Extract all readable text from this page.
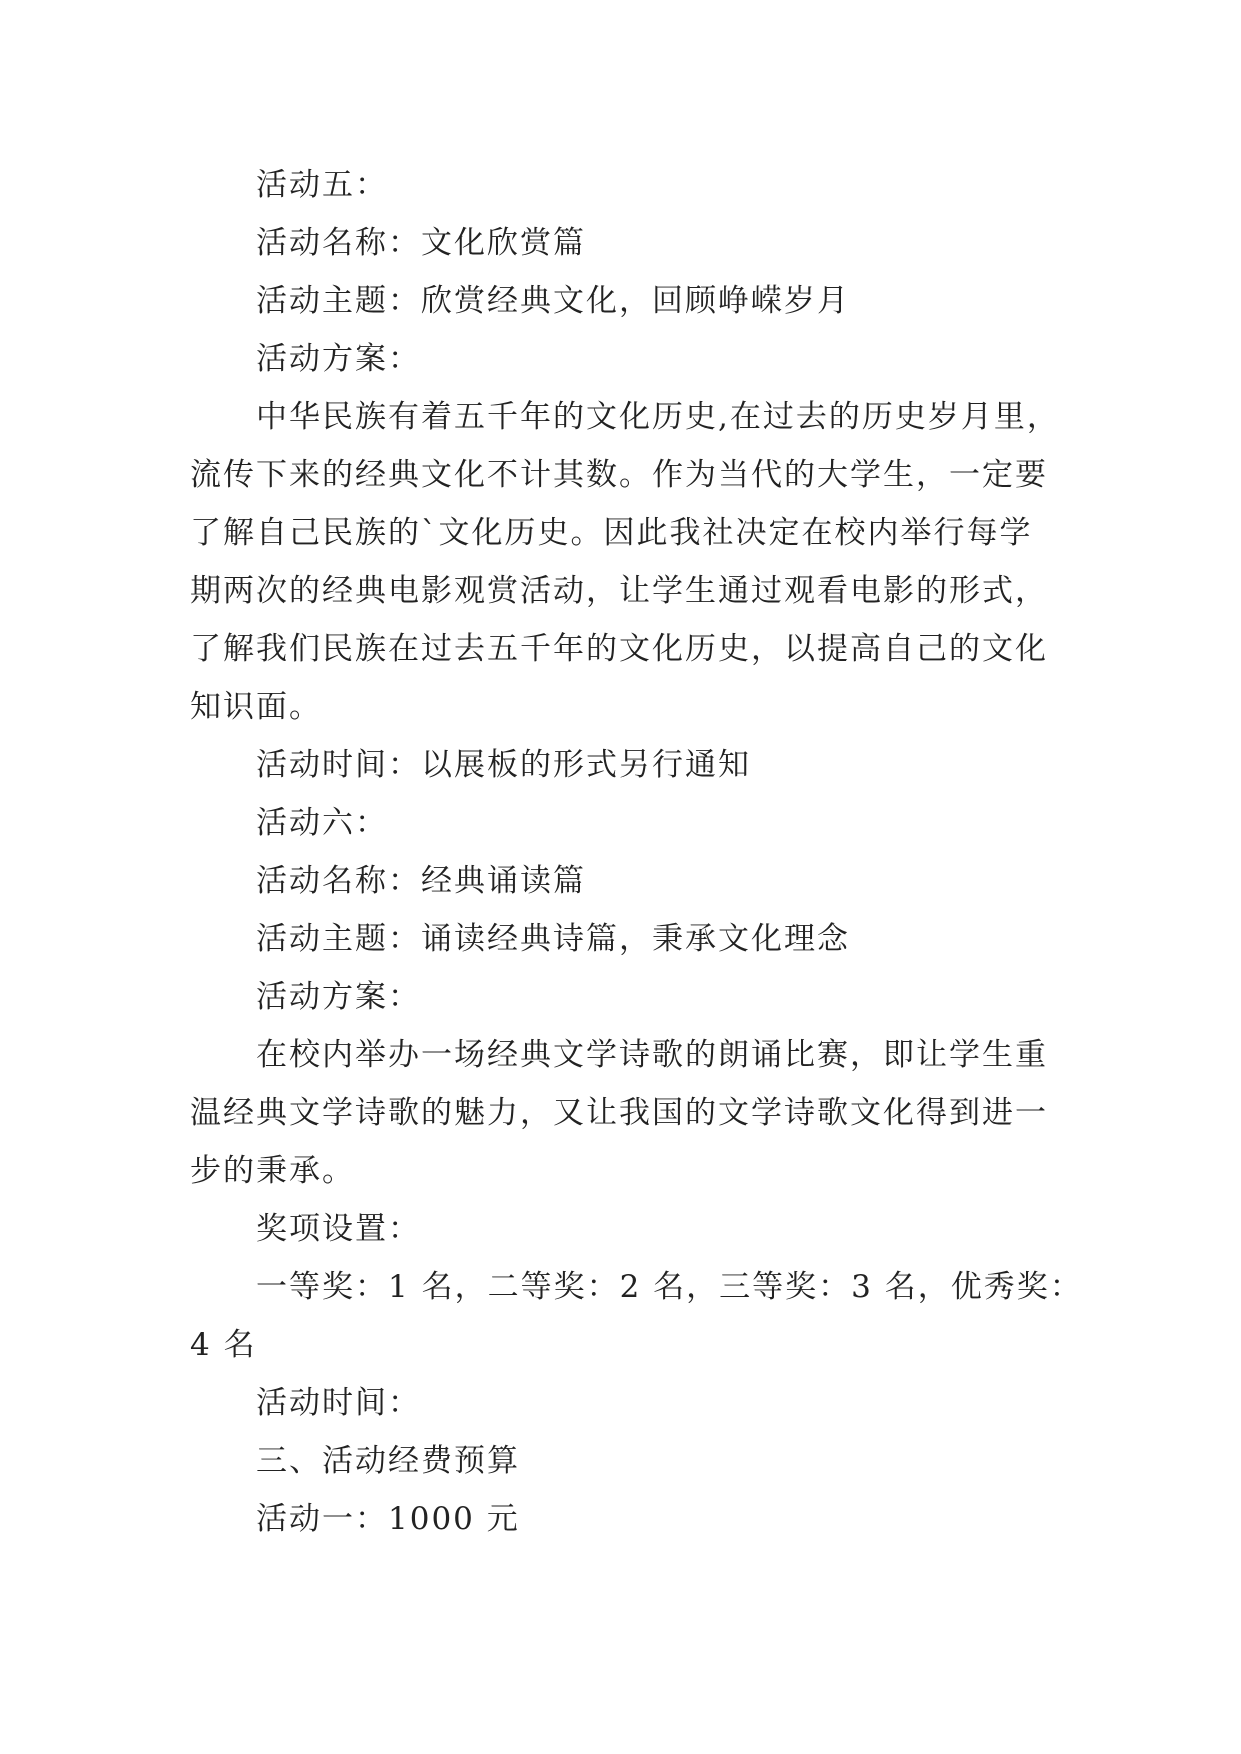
活动五：
活动名称：文化欣赏篇
活动主题：欣赏经典文化，回顾峥嵘岁月
活动方案：
中华民族有着五千年的文化历史,在过去的历史岁月里，
流传下来的经典文化不计其数。作为当代的大学生，一定要
了解自己民族的`文化历史。因此我社决定在校内举行每学
期两次的经典电影观赏活动，让学生通过观看电影的形式，
了解我们民族在过去五千年的文化历史，以提高自己的文化
知识面。
活动时间：以展板的形式另行通知
活动六：
活动名称：经典诵读篇
活动主题：诵读经典诗篇，秉承文化理念
活动方案：
在校内举办一场经典文学诗歌的朗诵比赛，即让学生重
温经典文学诗歌的魅力，又让我国的文学诗歌文化得到进一
步的秉承。
奖项设置：
一等奖：1 名，二等奖：2 名，三等奖：3 名，优秀奖：
4 名
活动时间：
三、活动经费预算
活动一：1000 元
